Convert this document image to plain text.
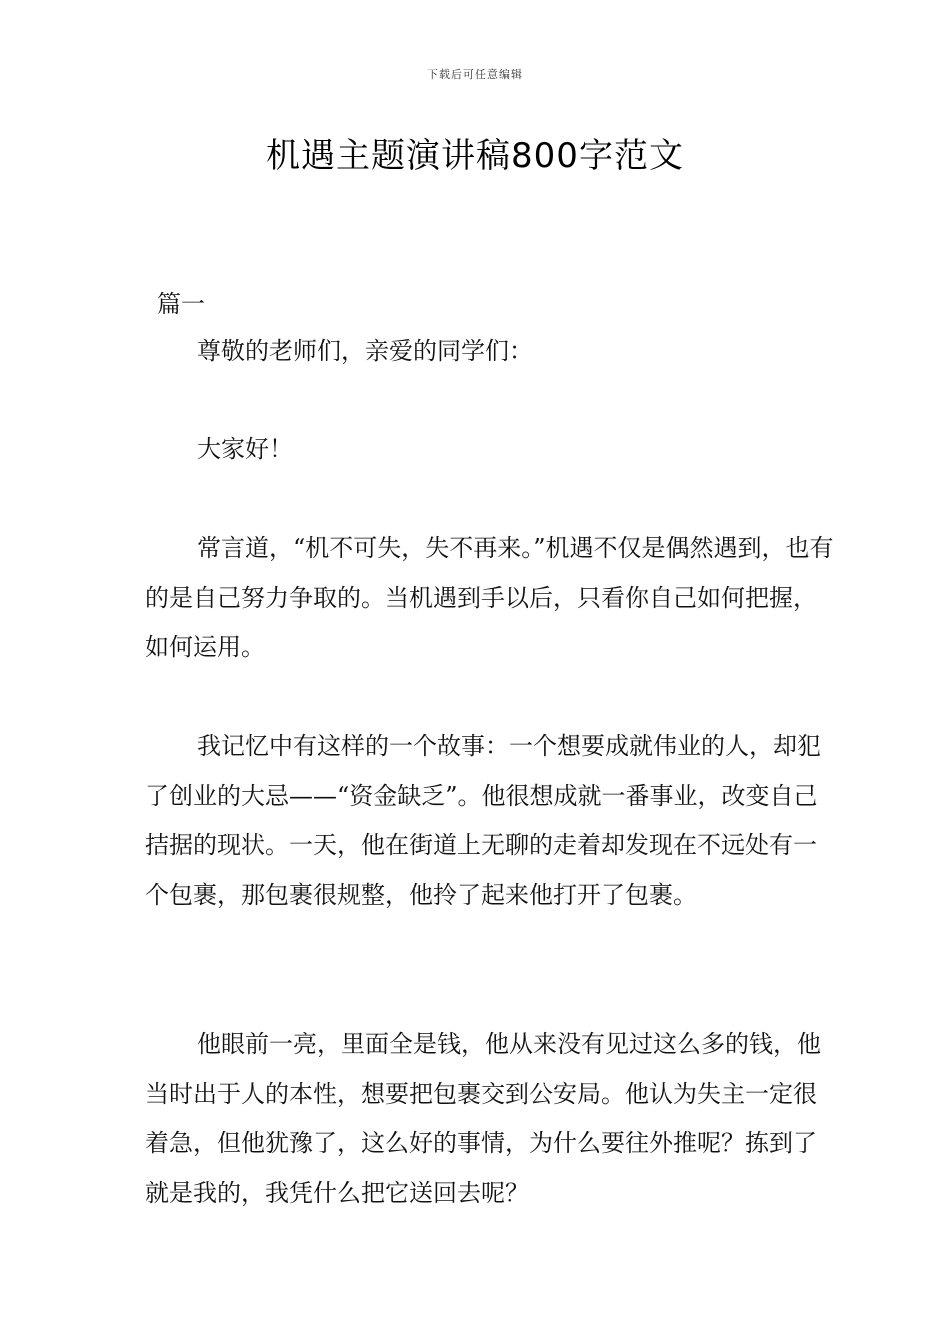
下载后可任意编辑
机遇主题演讲稿800字范文
篇一

尊敬的老师们，亲爱的同学们：

大家好！

常言道，“机不可失，失不再来。”机遇不仅是偶然遇到，也有的是自己努力争取的。当机遇到手以后，只看你自己如何把握，如何运用。

我记忆中有这样的一个故事：一个想要成就伟业的人，却犯了创业的大忌——“资金缺乏”。他很想成就一番事业，改变自己拮据的现状。一天，他在街道上无聊的走着却发现在不远处有一个包裹，那包裹很规整，他拎了起来他打开了包裹。

他眼前一亮，里面全是钱，他从来没有见过这么多的钱，他当时出于人的本性，想要把包裹交到公安局。他认为失主一定很着急，但他犹豫了，这么好的事情，为什么要往外推呢？拣到了就是我的，我凭什么把它送回去呢？
